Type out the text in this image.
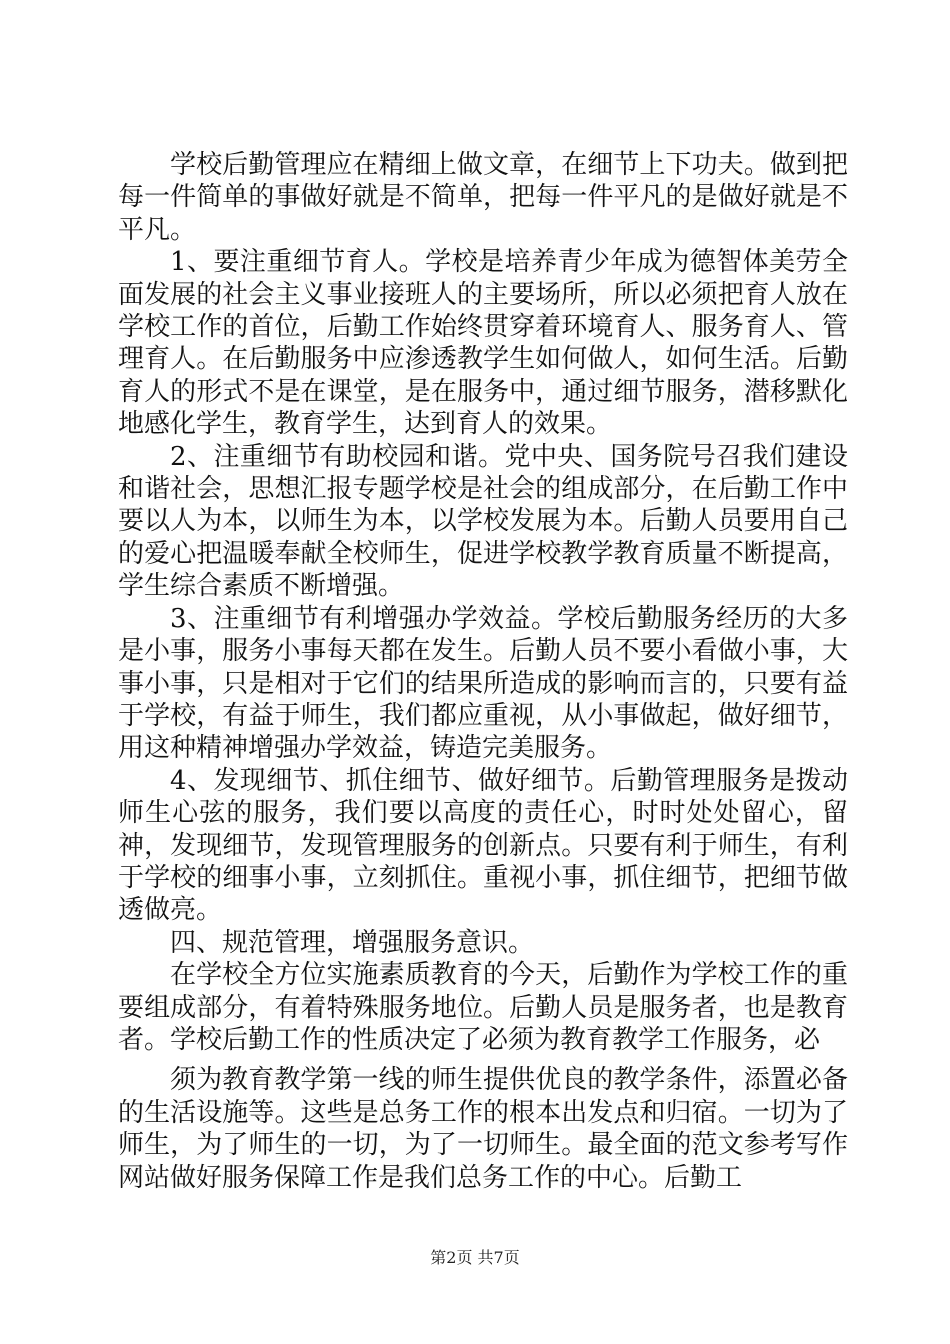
学校后勤管理应在精细上做文章，在细节上下功夫。做到把每一件简单的事做好就是不简单，把每一件平凡的是做好就是不平凡。

1、要注重细节育人。学校是培养青少年成为德智体美劳全面发展的社会主义事业接班人的主要场所，所以必须把育人放在学校工作的首位，后勤工作始终贯穿着环境育人、服务育人、管理育人。在后勤服务中应渗透教学生如何做人，如何生活。后勤育人的形式不是在课堂，是在服务中，通过细节服务，潜移默化地感化学生，教育学生，达到育人的效果。

2、注重细节有助校园和谐。党中央、国务院号召我们建设和谐社会，思想汇报专题学校是社会的组成部分，在后勤工作中要以人为本，以师生为本，以学校发展为本。后勤人员要用自己的爱心把温暖奉献全校师生，促进学校教学教育质量不断提高，学生综合素质不断增强。

3、注重细节有利增强办学效益。学校后勤服务经历的大多是小事，服务小事每天都在发生。后勤人员不要小看做小事，大事小事，只是相对于它们的结果所造成的影响而言的，只要有益于学校，有益于师生，我们都应重视，从小事做起，做好细节，用这种精神增强办学效益，铸造完美服务。

4、发现细节、抓住细节、做好细节。后勤管理服务是拨动师生心弦的服务，我们要以高度的责任心，时时处处留心，留神，发现细节，发现管理服务的创新点。只要有利于师生，有利于学校的细事小事，立刻抓住。重视小事，抓住细节，把细节做透做亮。

四、规范管理，增强服务意识。

在学校全方位实施素质教育的今天，后勤作为学校工作的重要组成部分，有着特殊服务地位。后勤人员是服务者，也是教育者。学校后勤工作的性质决定了必须为教育教学工作服务，必

须为教育教学第一线的师生提供优良的教学条件，添置必备的生活设施等。这些是总务工作的根本出发点和归宿。一切为了师生，为了师生的一切，为了一切师生。最全面的范文参考写作网站做好服务保障工作是我们总务工作的中心。后勤工

第2页 共7页
